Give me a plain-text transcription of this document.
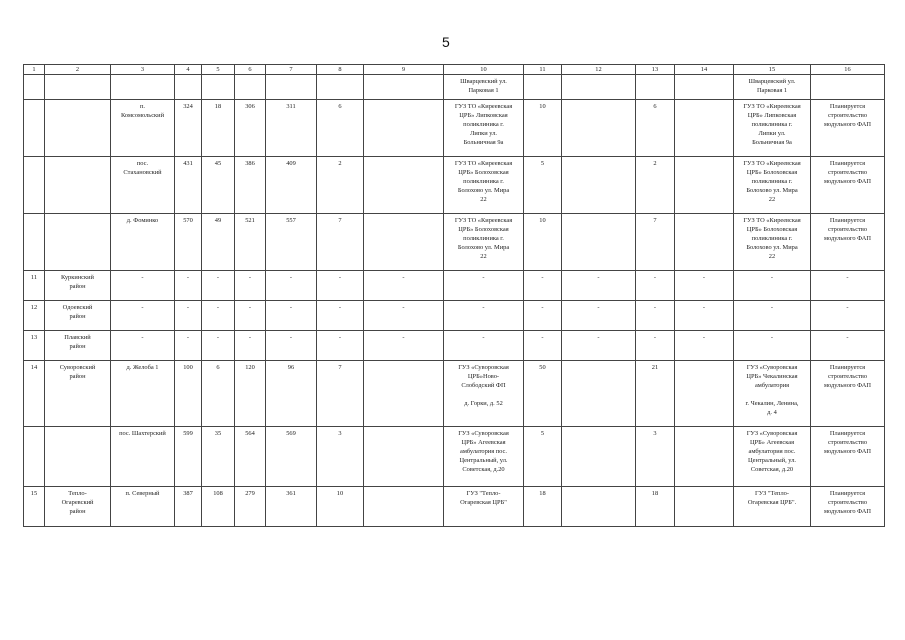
5
1	2	3	4	5	6	7	8	9	10	11	12	13	14	15	16
									Шварцевский ул.
Парковая 1					Шварцевский ул.
Парковая 1	
		п.
Комсомольский	324	18	306	311	6		ГУЗ ТО «Киреевская
ЦРБ» Липковская
поликлиника г.
Липки ул.
Больничная 9а	10		6		ГУЗ ТО «Киреевская
ЦРБ» Липковская
поликлиника г.
Липки ул.
Больничная 9а	Планируется строительство
модульного ФАП
		пос.
Стахановский	431	45	386	409	2		ГУЗ ТО «Киреевская
ЦРБ» Болоховская
поликлиника г.
Болохово ул. Мира
22	5		2		ГУЗ ТО «Киреевская
ЦРБ» Болоховская
поликлиника г.
Болохово ул. Мира
22	Планируется строительство
модульного ФАП
		д. Фоминко	570	49	521	557	7		ГУЗ ТО «Киреевская
ЦРБ» Болоховская
поликлиника г.
Болохово ул. Мира
22	10		7		ГУЗ ТО «Киреевская
ЦРБ» Болоховская
поликлиника г.
Болохово ул. Мира
22	Планируется строительство
модульного ФАП
11	Куркинский
район	-	-	-	-	-	-	-	-	-	-	-	-	-	-
12	Одоевский
район	-	-	-	-	-	-	-	-	-	-	-	-	-	-
13	Плавский
район	-	-	-	-	-	-	-	-	-	-	-	-	-	-
14	Суворовский
район	д. Желоба 1	100	6	120	96	7		ГУЗ «Суворовская
ЦРБ»Ново-
Слободский ФП

д. Горки, д. 52	50		21		ГУЗ «Суворовская
ЦРБ» Чекалинская
амбулатория

г. Чекалин, Ленина,
д. 4	Планируется строительство
модульного ФАП
		пос. Шахтерский	599	35	564	569	3		ГУЗ «Суворовская
ЦРБ» Агеевская
амбулатория пос.
Центральный, ул.
Советская, д.20	5		3		ГУЗ «Суворовская
ЦРБ» Агеевская
амбулатория пос.
Центральный, ул.
Советская, д.20	Планируется строительство
модульного ФАП
15	Тепло-
Огаревский
район	п. Северный	387	108	279	361	10		ГУЗ "Тепло-
Огаревская ЦРБ"	18		18		ГУЗ "Тепло-
Огаревская ЦРБ".	Планируется строительство
модульного ФАП
